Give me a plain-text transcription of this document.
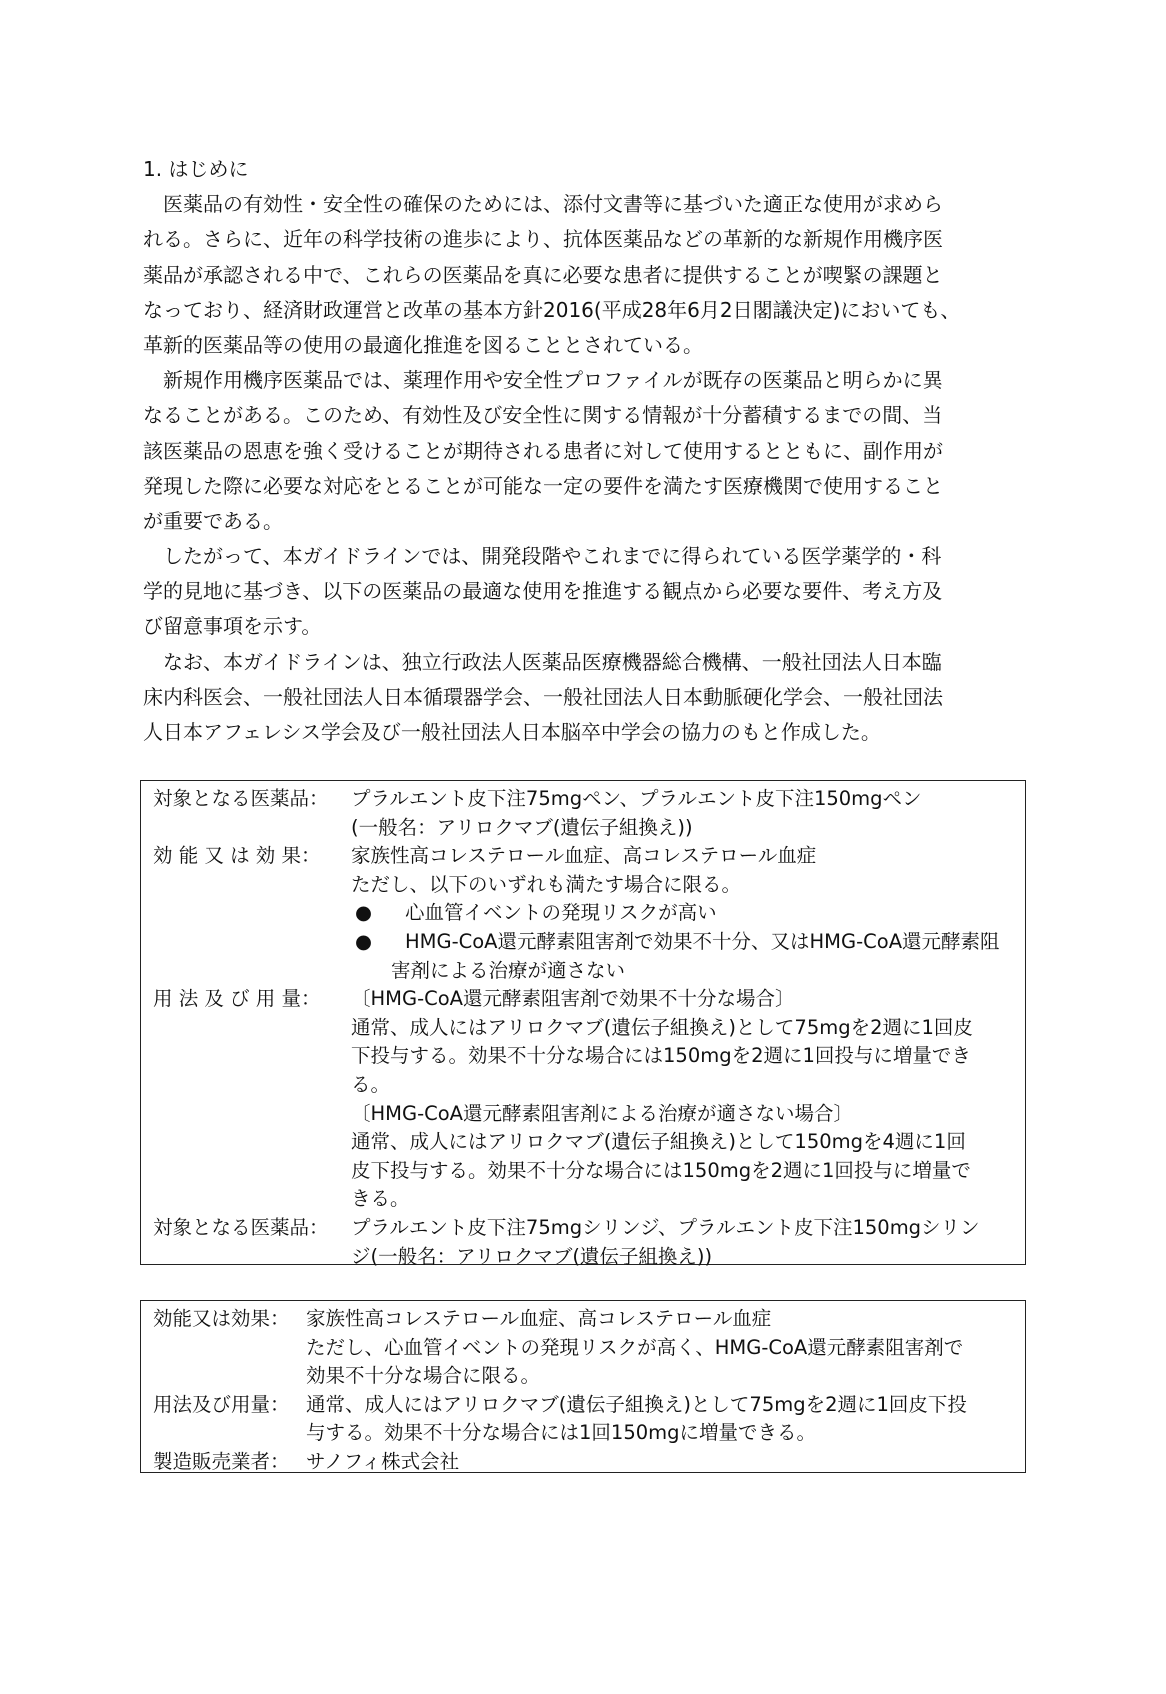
1. はじめに
　医薬品の有効性・安全性の確保のためには、添付文書等に基づいた適正な使用が求めら
れる。さらに、近年の科学技術の進歩により、抗体医薬品などの革新的な新規作用機序医
薬品が承認される中で、これらの医薬品を真に必要な患者に提供することが喫緊の課題と
なっており、経済財政運営と改革の基本方針2016(平成28年6月2日閣議決定)においても、
革新的医薬品等の使用の最適化推進を図ることとされている。
　新規作用機序医薬品では、薬理作用や安全性プロファイルが既存の医薬品と明らかに異
なることがある。このため、有効性及び安全性に関する情報が十分蓄積するまでの間、当
該医薬品の恩恵を強く受けることが期待される患者に対して使用するとともに、副作用が
発現した際に必要な対応をとることが可能な一定の要件を満たす医療機関で使用すること
が重要である。
　したがって、本ガイドラインでは、開発段階やこれまでに得られている医学薬学的・科
学的見地に基づき、以下の医薬品の最適な使用を推進する観点から必要な要件、考え方及
び留意事項を示す。
　なお、本ガイドラインは、独立行政法人医薬品医療機器総合機構、一般社団法人日本臨
床内科医会、一般社団法人日本循環器学会、一般社団法人日本動脈硬化学会、一般社団法
人日本アフェレシス学会及び一般社団法人日本脳卒中学会の協力のもと作成した。
対象となる医薬品：	プラルエント皮下注75mgペン、プラルエント皮下注150mgペン
(一般名：アリロクマブ(遺伝子組換え))
効 能 又 は 効 果：	家族性高コレステロール血症、高コレステロール血症
ただし、以下のいずれも満たす場合に限る。
●	心血管イベントの発現リスクが高い
●	HMG-CoA還元酵素阻害剤で効果不十分、又はHMG-CoA還元酵素阻
害剤による治療が適さない
用 法 及 び 用 量：	〔HMG-CoA還元酵素阻害剤で効果不十分な場合〕
通常、成人にはアリロクマブ(遺伝子組換え)として75mgを2週に1回皮
下投与する。効果不十分な場合には150mgを2週に1回投与に増量でき
る。
〔HMG-CoA還元酵素阻害剤による治療が適さない場合〕
通常、成人にはアリロクマブ(遺伝子組換え)として150mgを4週に1回
皮下投与する。効果不十分な場合には150mgを2週に1回投与に増量で
きる。
対象となる医薬品：	プラルエント皮下注75mgシリンジ、プラルエント皮下注150mgシリン
ジ(一般名：アリロクマブ(遺伝子組換え))
効能又は効果： 家族性高コレステロール血症、高コレステロール血症
ただし、心血管イベントの発現リスクが高く、HMG-CoA還元酵素阻害剤で
効果不十分な場合に限る。
用法及び用量： 通常、成人にはアリロクマブ(遺伝子組換え)として75mgを2週に1回皮下投
与する。効果不十分な場合には1回150mgに増量できる。
製造販売業者： サノフィ株式会社
